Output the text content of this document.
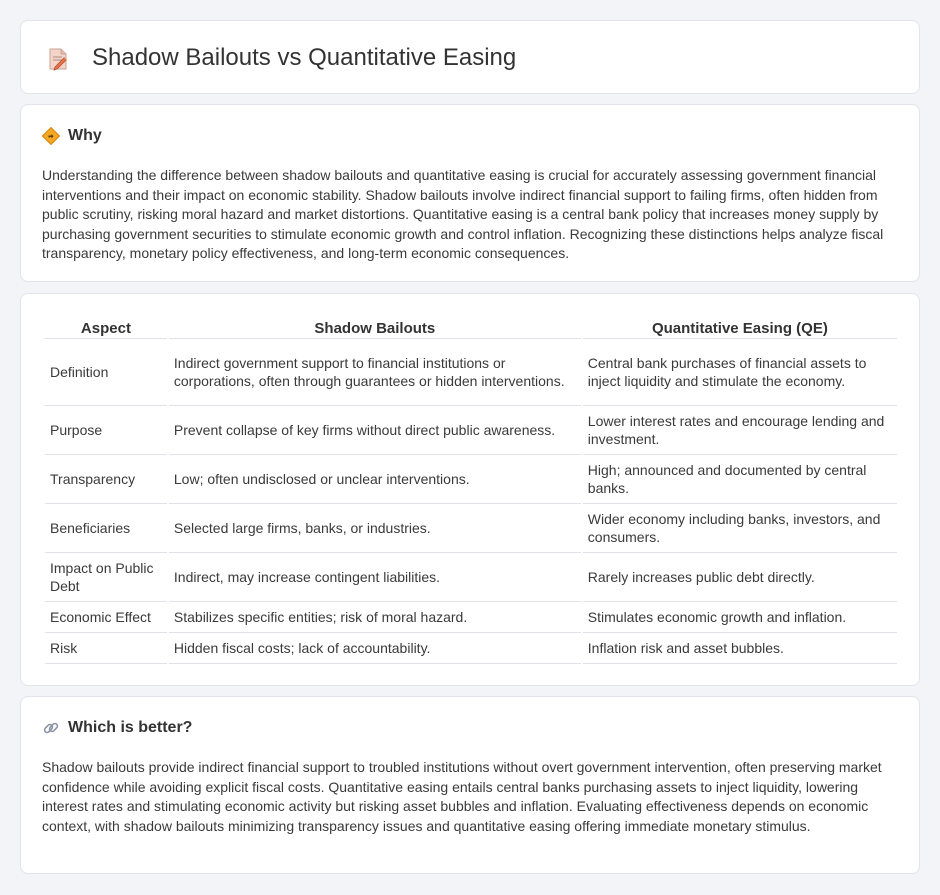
Shadow Bailouts vs Quantitative Easing
Why

Understanding the difference between shadow bailouts and quantitative easing is crucial for accurately assessing government financial interventions and their impact on economic stability. Shadow bailouts involve indirect financial support to failing firms, often hidden from public scrutiny, risking moral hazard and market distortions. Quantitative easing is a central bank policy that increases money supply by purchasing government securities to stimulate economic growth and control inflation. Recognizing these distinctions helps analyze fiscal transparency, monetary policy effectiveness, and long-term economic consequences.

Aspect	Shadow Bailouts	Quantitative Easing (QE)
Definition	Indirect government support to financial institutions or corporations, often through guarantees or hidden interventions.	Central bank purchases of financial assets to inject liquidity and stimulate the economy.
Purpose	Prevent collapse of key firms without direct public awareness.	Lower interest rates and encourage lending and investment.
Transparency	Low; often undisclosed or unclear interventions.	High; announced and documented by central banks.
Beneficiaries	Selected large firms, banks, or industries.	Wider economy including banks, investors, and consumers.
Impact on Public Debt	Indirect, may increase contingent liabilities.	Rarely increases public debt directly.
Economic Effect	Stabilizes specific entities; risk of moral hazard.	Stimulates economic growth and inflation.
Risk	Hidden fiscal costs; lack of accountability.	Inflation risk and asset bubbles.
Which is better?

Shadow bailouts provide indirect financial support to troubled institutions without overt government intervention, often preserving market confidence while avoiding explicit fiscal costs. Quantitative easing entails central banks purchasing assets to inject liquidity, lowering interest rates and stimulating economic activity but risking asset bubbles and inflation. Evaluating effectiveness depends on economic context, with shadow bailouts minimizing transparency issues and quantitative easing offering immediate monetary stimulus.
